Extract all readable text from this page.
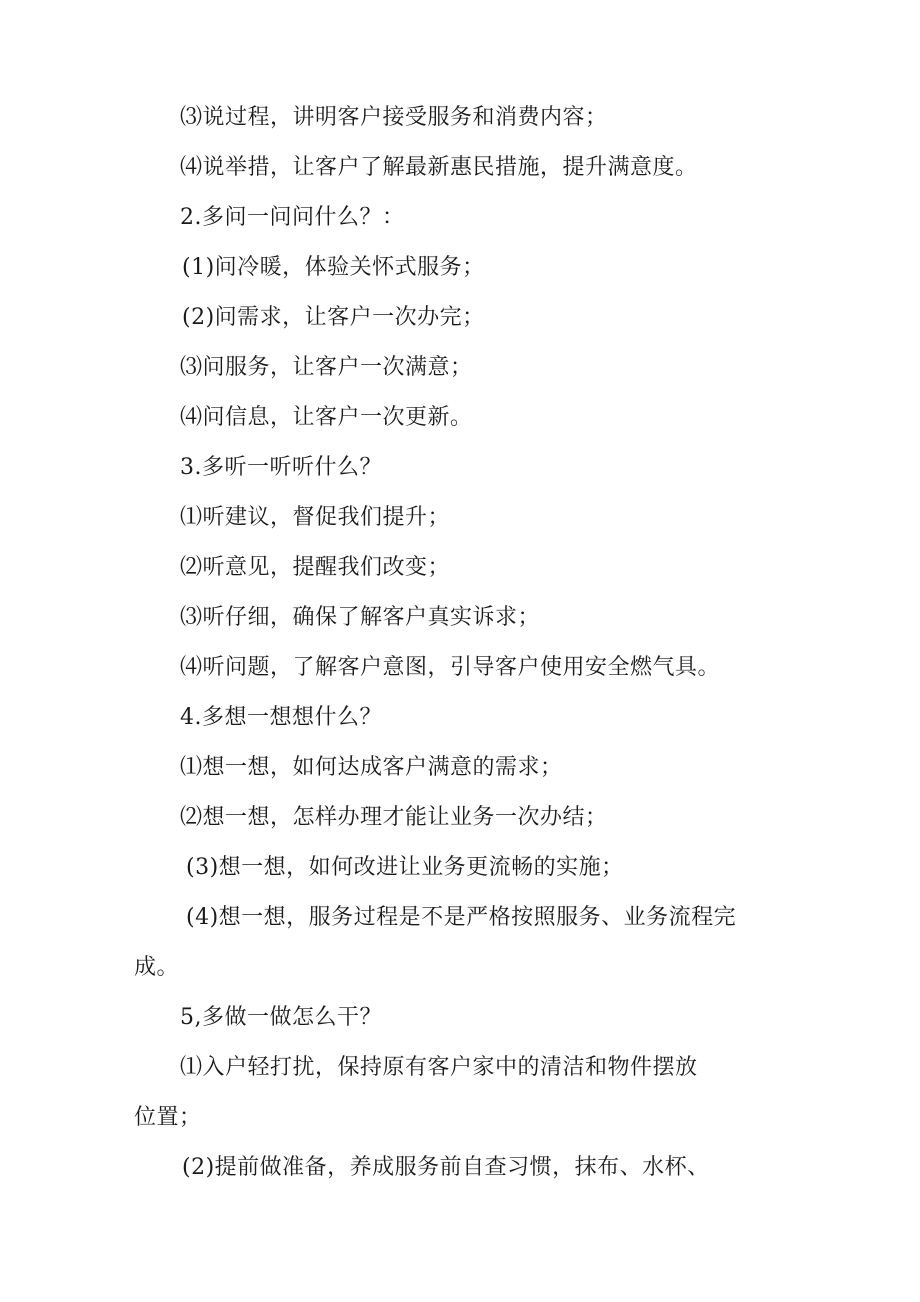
⑶说过程，讲明客户接受服务和消费内容；
⑷说举措，让客户了解最新惠民措施，提升满意度。
2.多问一问问什么？：
(1)问冷暖，体验关怀式服务；
(2)问需求，让客户一次办完；
⑶问服务，让客户一次满意；
⑷问信息，让客户一次更新。
3.多听一听听什么？
⑴听建议，督促我们提升；
⑵听意见，提醒我们改变；
⑶听仔细，确保了解客户真实诉求；
⑷听问题，了解客户意图，引导客户使用安全燃气具。
4.多想一想想什么？
⑴想一想，如何达成客户满意的需求；
⑵想一想，怎样办理才能让业务一次办结；
(3)想一想，如何改进让业务更流畅的实施；
(4)想一想，服务过程是不是严格按照服务、业务流程完
成。
5,多做一做怎么干？
⑴入户轻打扰，保持原有客户家中的清洁和物件摆放
位置；
(2)提前做准备，养成服务前自查习惯，抹布、水杯、
